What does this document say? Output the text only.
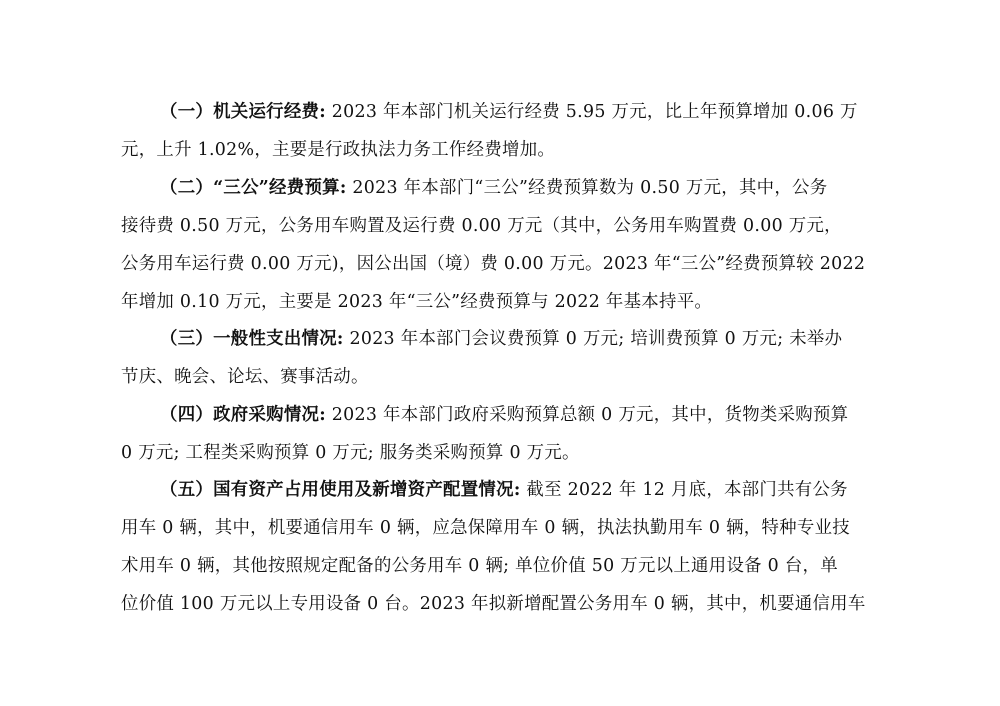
（一）机关运行经费: 2023 年本部门机关运行经费 5.95 万元，比上年预算增加 0.06 万
元，上升 1.02%，主要是行政执法力务工作经费增加。
（二）“三公”经费预算: 2023 年本部门“三公”经费预算数为 0.50 万元，其中，公务
接待费 0.50 万元，公务用车购置及运行费 0.00 万元（其中，公务用车购置费 0.00 万元，
公务用车运行费 0.00 万元)，因公出国（境）费 0.00 万元。2023 年“三公”经费预算较 2022
年增加 0.10 万元，主要是 2023 年“三公”经费预算与 2022 年基本持平。
（三）一般性支出情况: 2023 年本部门会议费预算 0 万元; 培训费预算 0 万元; 未举办
节庆、晚会、论坛、赛事活动。
（四）政府采购情况: 2023 年本部门政府采购预算总额 0 万元，其中，货物类采购预算
0 万元; 工程类采购预算 0 万元; 服务类采购预算 0 万元。
（五）国有资产占用使用及新增资产配置情况: 截至 2022 年 12 月底，本部门共有公务
用车 0 辆，其中，机要通信用车 0 辆，应急保障用车 0 辆，执法执勤用车 0 辆，特种专业技
术用车 0 辆，其他按照规定配备的公务用车 0 辆; 单位价值 50 万元以上通用设备 0 台，单
位价值 100 万元以上专用设备 0 台。2023 年拟新增配置公务用车 0 辆，其中，机要通信用车
